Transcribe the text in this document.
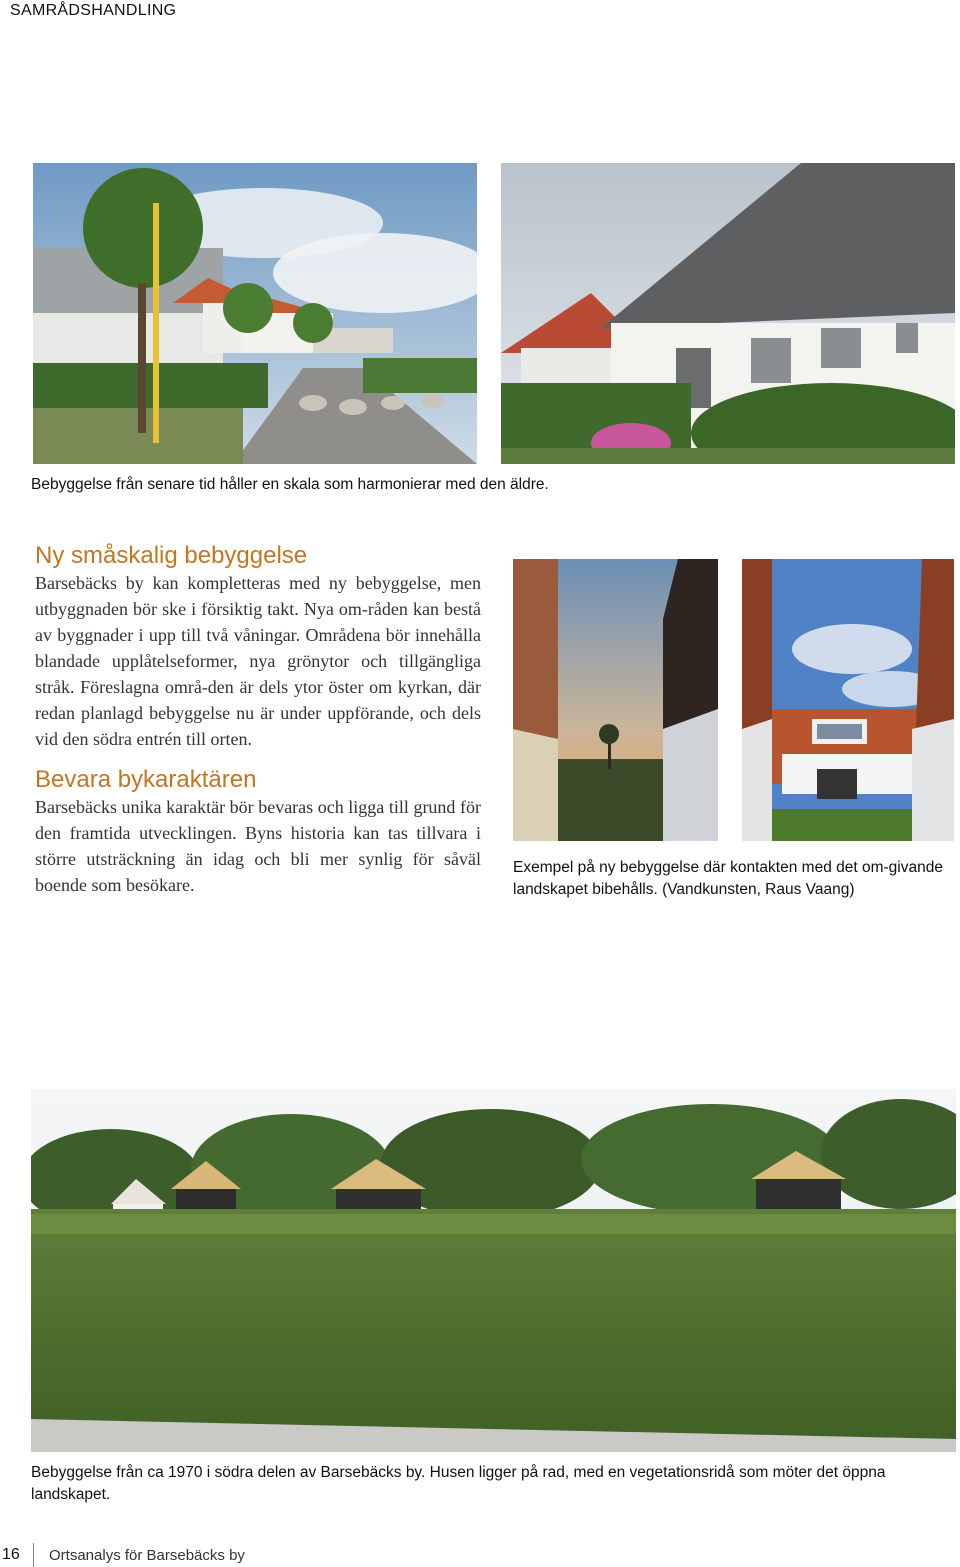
SAMRÅDSHANDLING
Bebyggelse från senare tid håller en skala som harmonierar med den äldre.
Ny småskalig bebyggelse

Barsebäcks by kan kompletteras med ny bebyggelse, men utbyggnaden bör ske i försiktig takt. Nya om-råden kan bestå av byggnader i upp till två våningar. Områdena bör innehålla blandade upplåtelseformer, nya grönytor och tillgängliga stråk. Föreslagna områ-den är dels ytor öster om kyrkan, där redan planlagd bebyggelse nu är under uppförande, och dels vid den södra entrén till orten.

Bevara bykaraktären

Barsebäcks unika karaktär bör bevaras och ligga till grund för den framtida utvecklingen. Byns historia kan tas tillvara i större utsträckning än idag och bli mer synlig för såväl boende som besökare.

Exempel på ny bebyggelse där kontakten med det om-givande landskapet bibehålls. (Vandkunsten, Raus Vaang)
Bebyggelse från ca 1970 i södra delen av Barsebäcks by. Husen ligger på rad, med en vegetationsridå som möter det öppna landskapet.
16 Ortsanalys för Barsebäcks by
